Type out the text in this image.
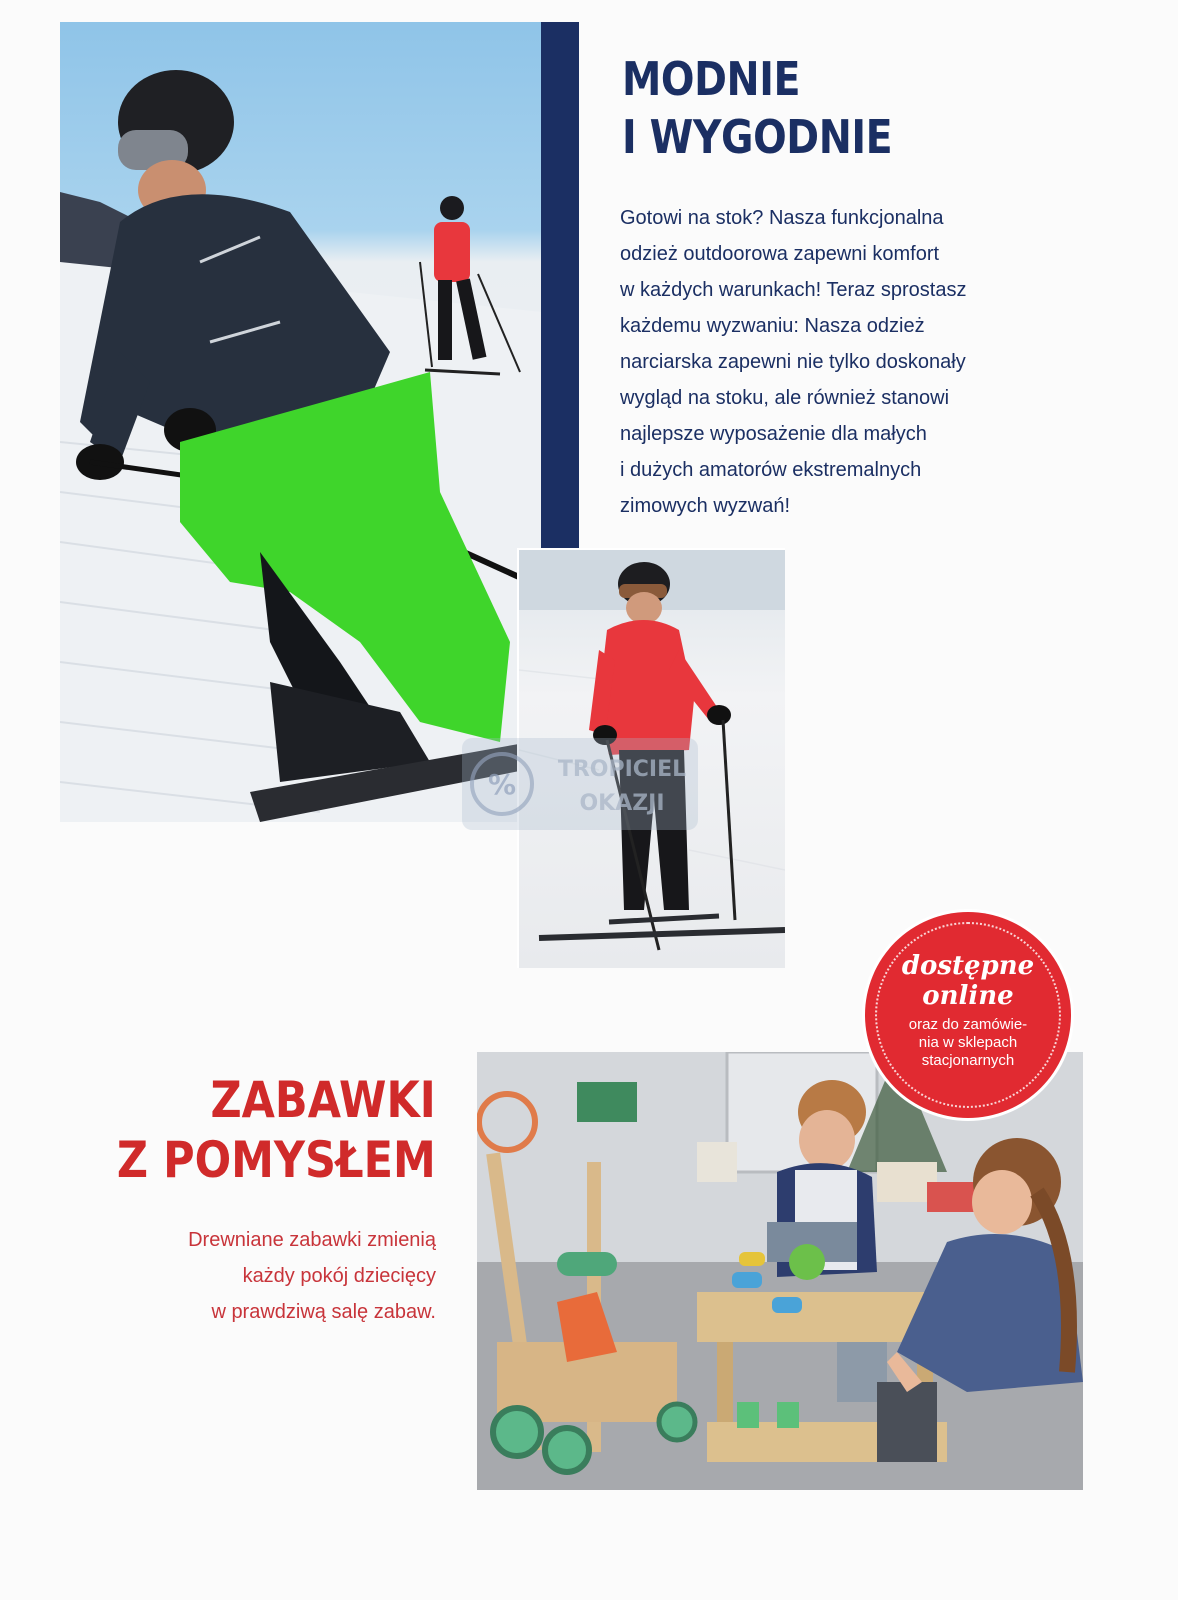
MODNIE
I WYGODNIE

Gotowi na stok? Nasza funkcjonalna
odzież outdoorowa zapewni komfort
w każdych warunkach! Teraz sprostasz
każdemu wyzwaniu: Nasza odzież
narciarska zapewni nie tylko doskonały
wygląd na stoku, ale również stanowi
najlepsze wyposażenie dla małych
i dużych amatorów ekstremalnych
zimowych wyzwań!

% TROPICIEL
OKAZJI
ZABAWKI
Z POMYSŁEM

Drewniane zabawki zmienią
każdy pokój dziecięcy
w prawdziwą salę zabaw.

dostępne
online
oraz do zamówie-
nia w sklepach
stacjonarnych
